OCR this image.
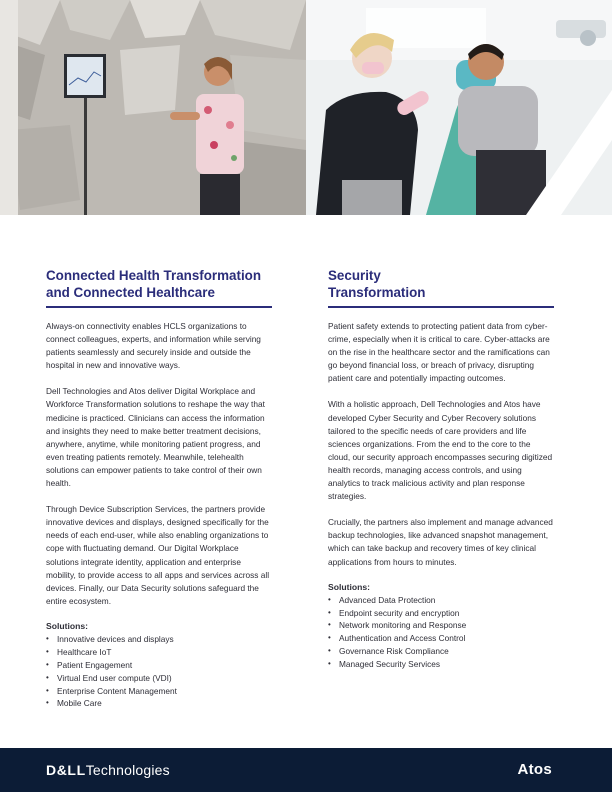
Connected Health Transformation and Connected Healthcare

Always-on connectivity enables HCLS organizations to connect colleagues, experts, and information while serving patients seamlessly and securely inside and outside the hospital in new and innovative ways.

Dell Technologies and Atos deliver Digital Workplace and Workforce Transformation solutions to reshape the way that medicine is practiced. Clinicians can access the information and insights they need to make better treatment decisions, anywhere, anytime, while monitoring patient progress, and even treating patients remotely. Meanwhile, telehealth solutions can empower patients to take control of their own health.

Through Device Subscription Services, the partners provide innovative devices and displays, designed specifically for the needs of each end-user, while also enabling organizations to cope with fluctuating demand. Our Digital Workplace solutions integrate identity, application and enterprise mobility, to provide access to all apps and services across all devices. Finally, our Data Security solutions safeguard the entire ecosystem.

Solutions:

• Innovative devices and displays
• Healthcare IoT
• Patient Engagement
• Virtual End user compute (VDI)
• Enterprise Content Management
• Mobile Care
Security Transformation

Patient safety extends to protecting patient data from cyber-crime, especially when it is critical to care. Cyber-attacks are on the rise in the healthcare sector and the ramifications can go beyond financial loss, or breach of privacy, disrupting patient care and potentially impacting outcomes.

With a holistic approach, Dell Technologies and Atos have developed Cyber Security and Cyber Recovery solutions tailored to the specific needs of care providers and life sciences organizations. From the end to the core to the cloud, our security approach encompasses securing digitized health records, managing access controls, and using analytics to track malicious activity and plan response strategies.

Crucially, the partners also implement and manage advanced backup technologies, like advanced snapshot management, which can take backup and recovery times of key clinical applications from hours to minutes.

Solutions:

• Advanced Data Protection
• Endpoint security and encryption
• Network monitoring and Response
• Authentication and Access Control
• Governance Risk Compliance
• Managed Security Services
D&LLTechnologies	Atos
